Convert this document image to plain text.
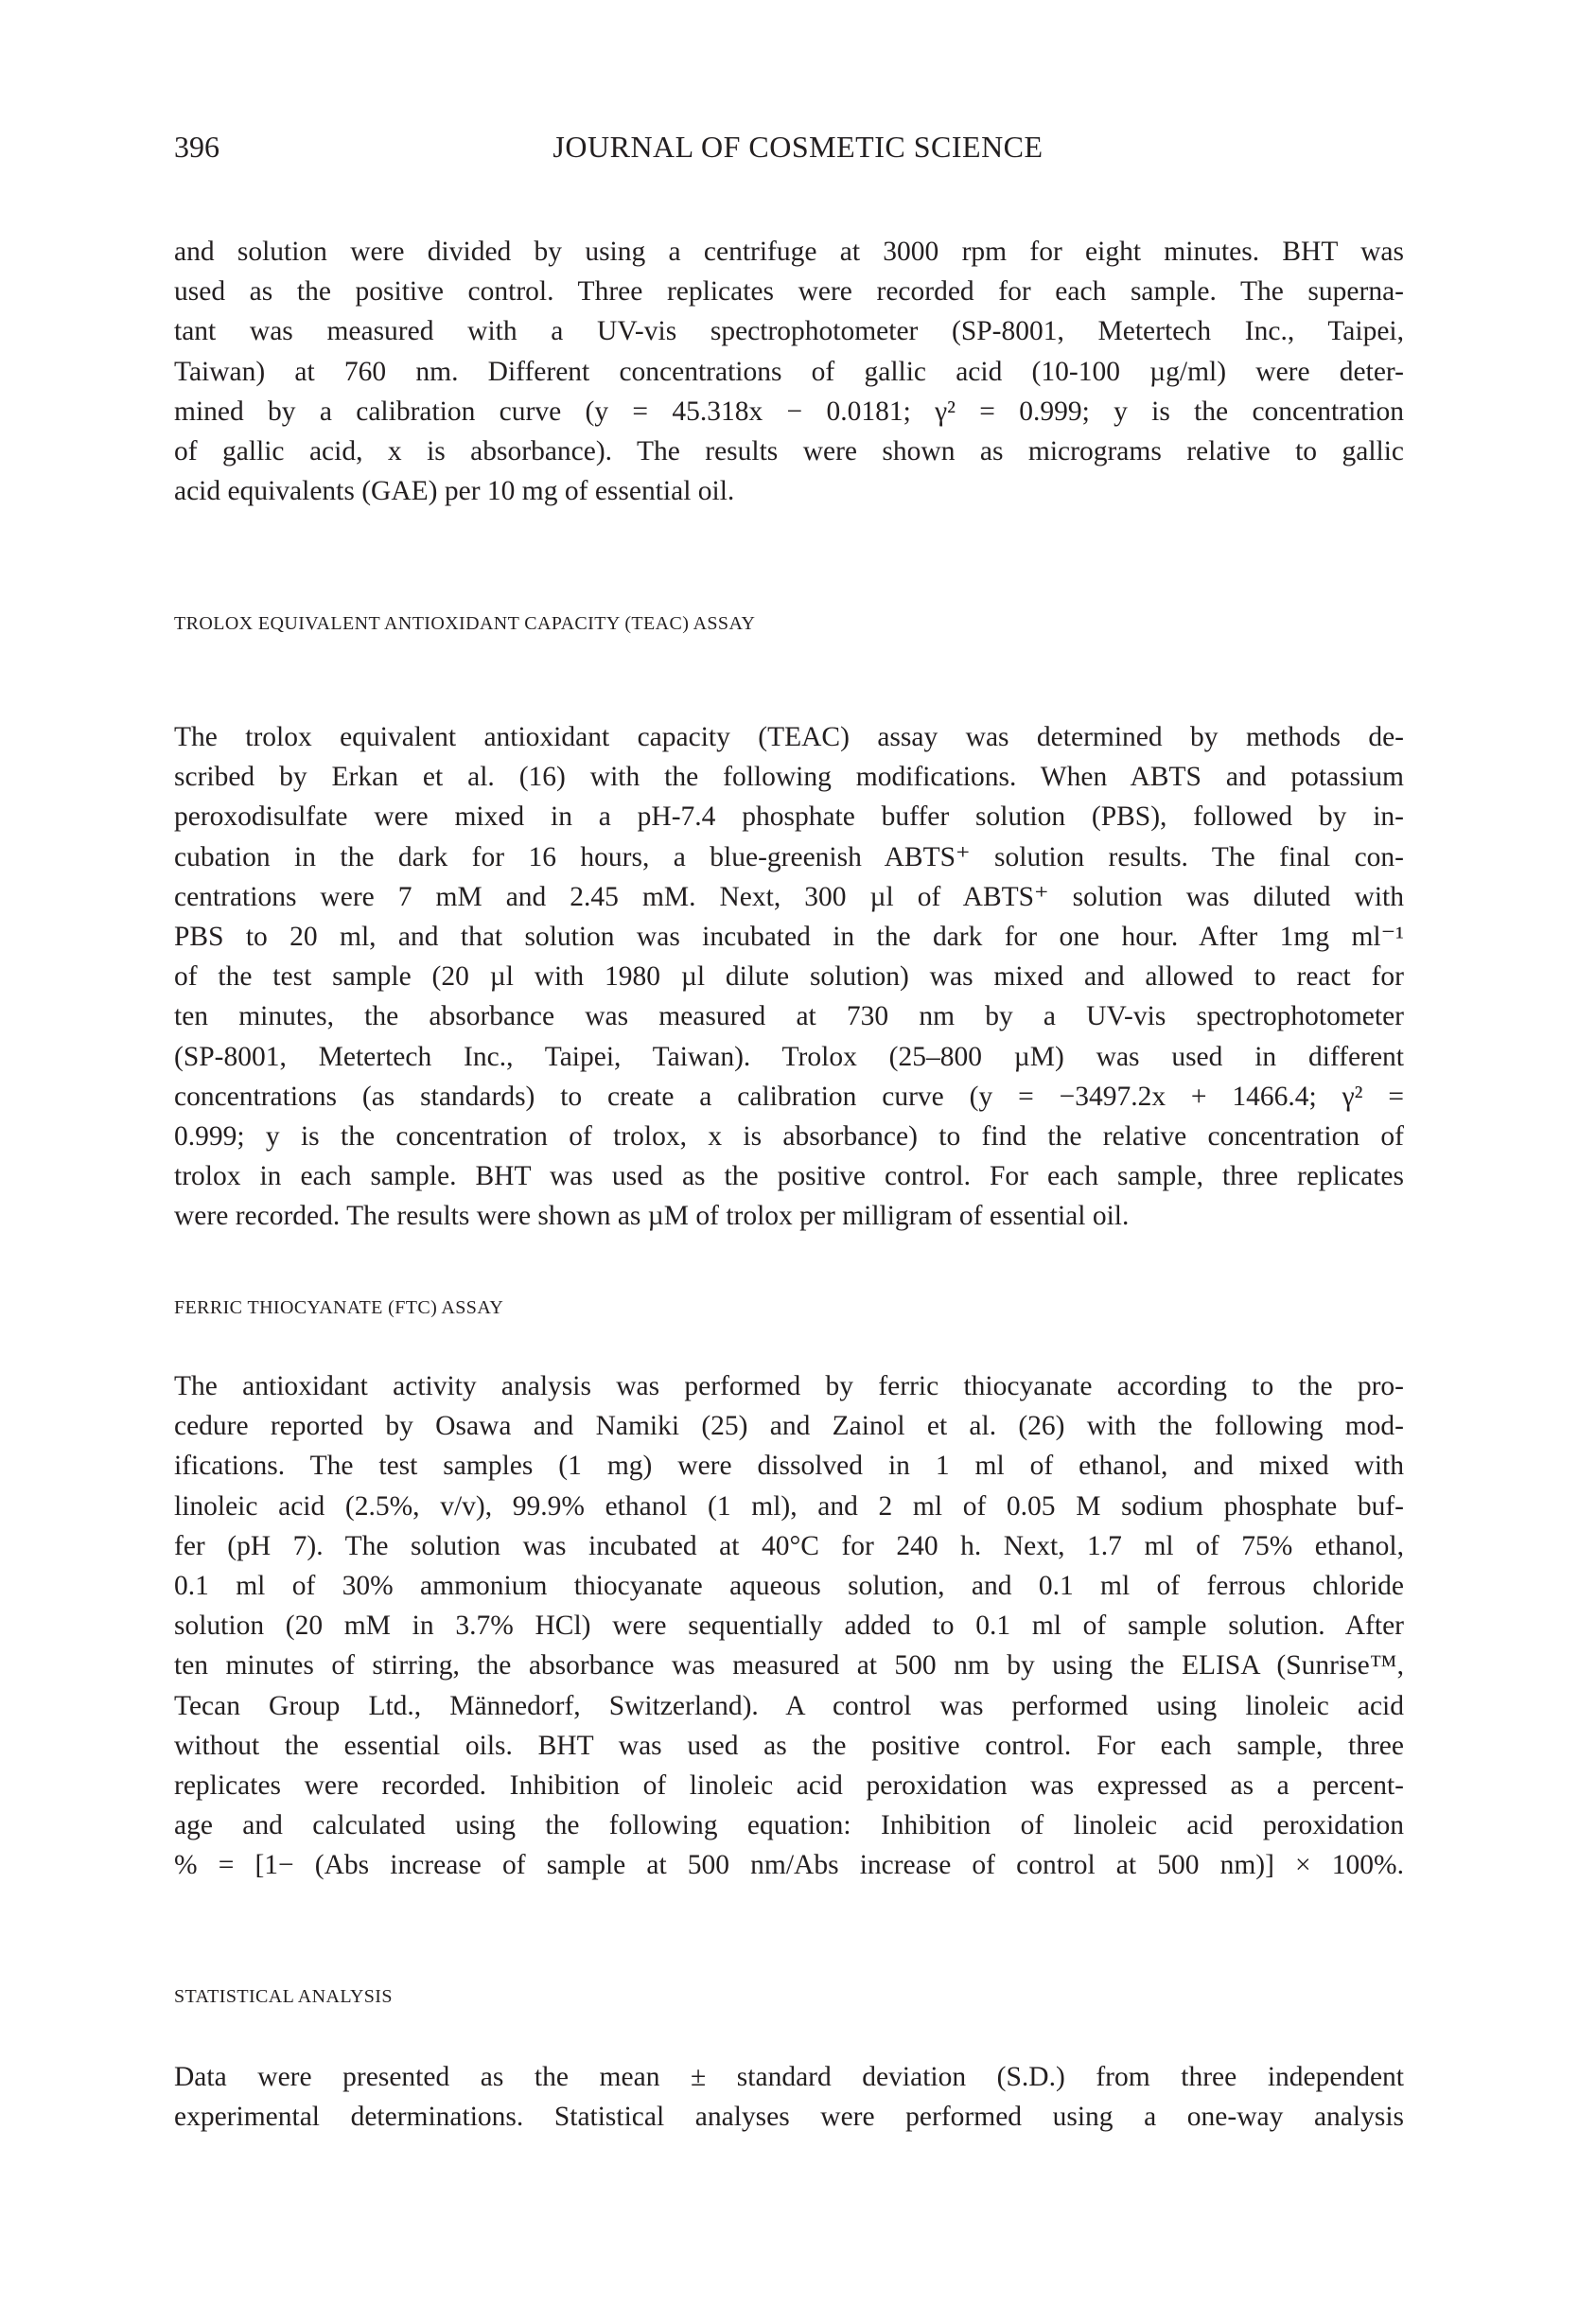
396	JOURNAL OF COSMETIC SCIENCE
and solution were divided by using a centrifuge at 3000 rpm for eight minutes. BHT was
used as the positive control. Three replicates were recorded for each sample. The superna-
tant was measured with a UV-vis spectrophotometer (SP-8001, Metertech Inc., Taipei,
Taiwan) at 760 nm. Different concentrations of gallic acid (10-100 µg/ml) were deter-
mined by a calibration curve (y = 45.318x − 0.0181; γ² = 0.999; y is the concentration
of gallic acid, x is absorbance). The results were shown as micrograms relative to gallic
acid equivalents (GAE) per 10 mg of essential oil.
TROLOX EQUIVALENT ANTIOXIDANT CAPACITY (TEAC) ASSAY
The trolox equivalent antioxidant capacity (TEAC) assay was determined by methods de-
scribed by Erkan et al. (16) with the following modifications. When ABTS and potassium
peroxodisulfate were mixed in a pH-7.4 phosphate buffer solution (PBS), followed by in-
cubation in the dark for 16 hours, a blue-greenish ABTS⁺ solution results. The final con-
centrations were 7 mM and 2.45 mM. Next, 300 µl of ABTS⁺ solution was diluted with
PBS to 20 ml, and that solution was incubated in the dark for one hour. After 1mg ml⁻¹
of the test sample (20 µl with 1980 µl dilute solution) was mixed and allowed to react for
ten minutes, the absorbance was measured at 730 nm by a UV-vis spectrophotometer
(SP-8001, Metertech Inc., Taipei, Taiwan). Trolox (25–800 µM) was used in different
concentrations (as standards) to create a calibration curve (y = −3497.2x + 1466.4; γ² =
0.999; y is the concentration of trolox, x is absorbance) to find the relative concentration of
trolox in each sample. BHT was used as the positive control. For each sample, three replicates
were recorded. The results were shown as µM of trolox per milligram of essential oil.
FERRIC THIOCYANATE (FTC) ASSAY
The antioxidant activity analysis was performed by ferric thiocyanate according to the pro-
cedure reported by Osawa and Namiki (25) and Zainol et al. (26) with the following mod-
ifications. The test samples (1 mg) were dissolved in 1 ml of ethanol, and mixed with
linoleic acid (2.5%, v/v), 99.9% ethanol (1 ml), and 2 ml of 0.05 M sodium phosphate buf-
fer (pH 7). The solution was incubated at 40°C for 240 h. Next, 1.7 ml of 75% ethanol,
0.1 ml of 30% ammonium thiocyanate aqueous solution, and 0.1 ml of ferrous chloride
solution (20 mM in 3.7% HCl) were sequentially added to 0.1 ml of sample solution. After
ten minutes of stirring, the absorbance was measured at 500 nm by using the ELISA (Sunrise™,
Tecan Group Ltd., Männedorf, Switzerland). A control was performed using linoleic acid
without the essential oils. BHT was used as the positive control. For each sample, three
replicates were recorded. Inhibition of linoleic acid peroxidation was expressed as a percent-
age and calculated using the following equation: Inhibition of linoleic acid peroxidation
% = [1− (Abs increase of sample at 500 nm/Abs increase of control at 500 nm)] × 100%.
STATISTICAL ANALYSIS
Data were presented as the mean ± standard deviation (S.D.) from three independent
experimental determinations. Statistical analyses were performed using a one-way analysis
